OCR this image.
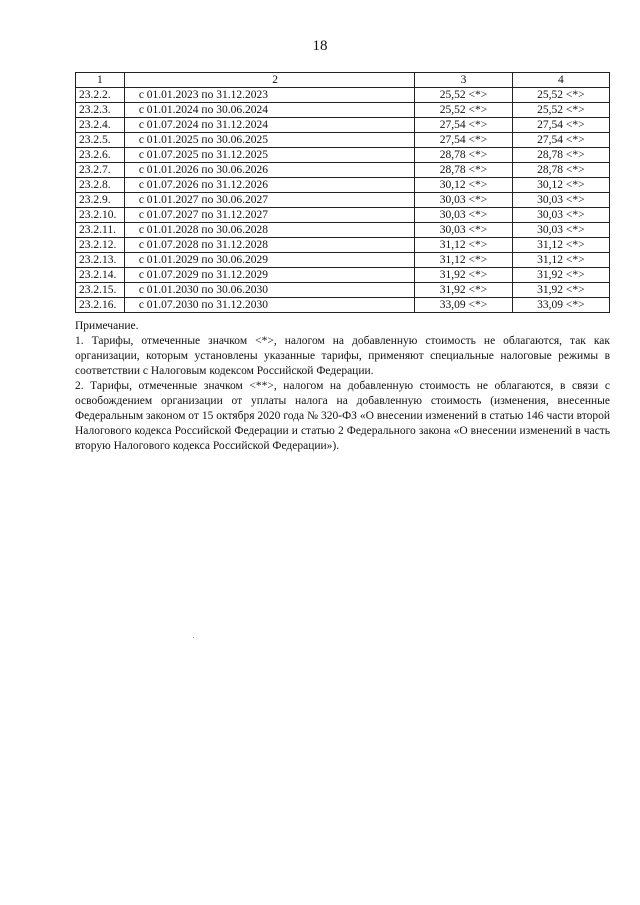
18
1	2	3	4
23.2.2.	с 01.01.2023 по 31.12.2023	25,52 <*>	25,52 <*>
23.2.3.	с 01.01.2024 по 30.06.2024	25,52 <*>	25,52 <*>
23.2.4.	с 01.07.2024 по 31.12.2024	27,54 <*>	27,54 <*>
23.2.5.	с 01.01.2025 по 30.06.2025	27,54 <*>	27,54 <*>
23.2.6.	с 01.07.2025 по 31.12.2025	28,78 <*>	28,78 <*>
23.2.7.	с 01.01.2026 по 30.06.2026	28,78 <*>	28,78 <*>
23.2.8.	с 01.07.2026 по 31.12.2026	30,12 <*>	30,12 <*>
23.2.9.	с 01.01.2027 по 30.06.2027	30,03 <*>	30,03 <*>
23.2.10.	с 01.07.2027 по 31.12.2027	30,03 <*>	30,03 <*>
23.2.11.	с 01.01.2028 по 30.06.2028	30,03 <*>	30,03 <*>
23.2.12.	с 01.07.2028 по 31.12.2028	31,12 <*>	31,12 <*>
23.2.13.	с 01.01.2029 по 30.06.2029	31,12 <*>	31,12 <*>
23.2.14.	с 01.07.2029 по 31.12.2029	31,92 <*>	31,92 <*>
23.2.15.	с 01.01.2030 по 30.06.2030	31,92 <*>	31,92 <*>
23.2.16.	с 01.07.2030 по 31.12.2030	33,09 <*>	33,09 <*>

Примечание.

1. Тарифы, отмеченные значком <*>, налогом на добавленную стоимость не облагаются, так как организации, которым установлены указанные тарифы, применяют специальные налоговые режимы в соответствии с Налоговым кодексом Российской Федерации.

2. Тарифы, отмеченные значком <**>, налогом на добавленную стоимость не облагаются, в связи с освобождением организации от уплаты налога на добавленную стоимость (изменения, внесенные Федеральным законом от 15 октября 2020 года № 320-ФЗ «О внесении изменений в статью 146 части второй Налогового кодекса Российской Федерации и статью 2 Федерального закона «О внесении изменений в часть вторую Налогового кодекса Российской Федерации»).
